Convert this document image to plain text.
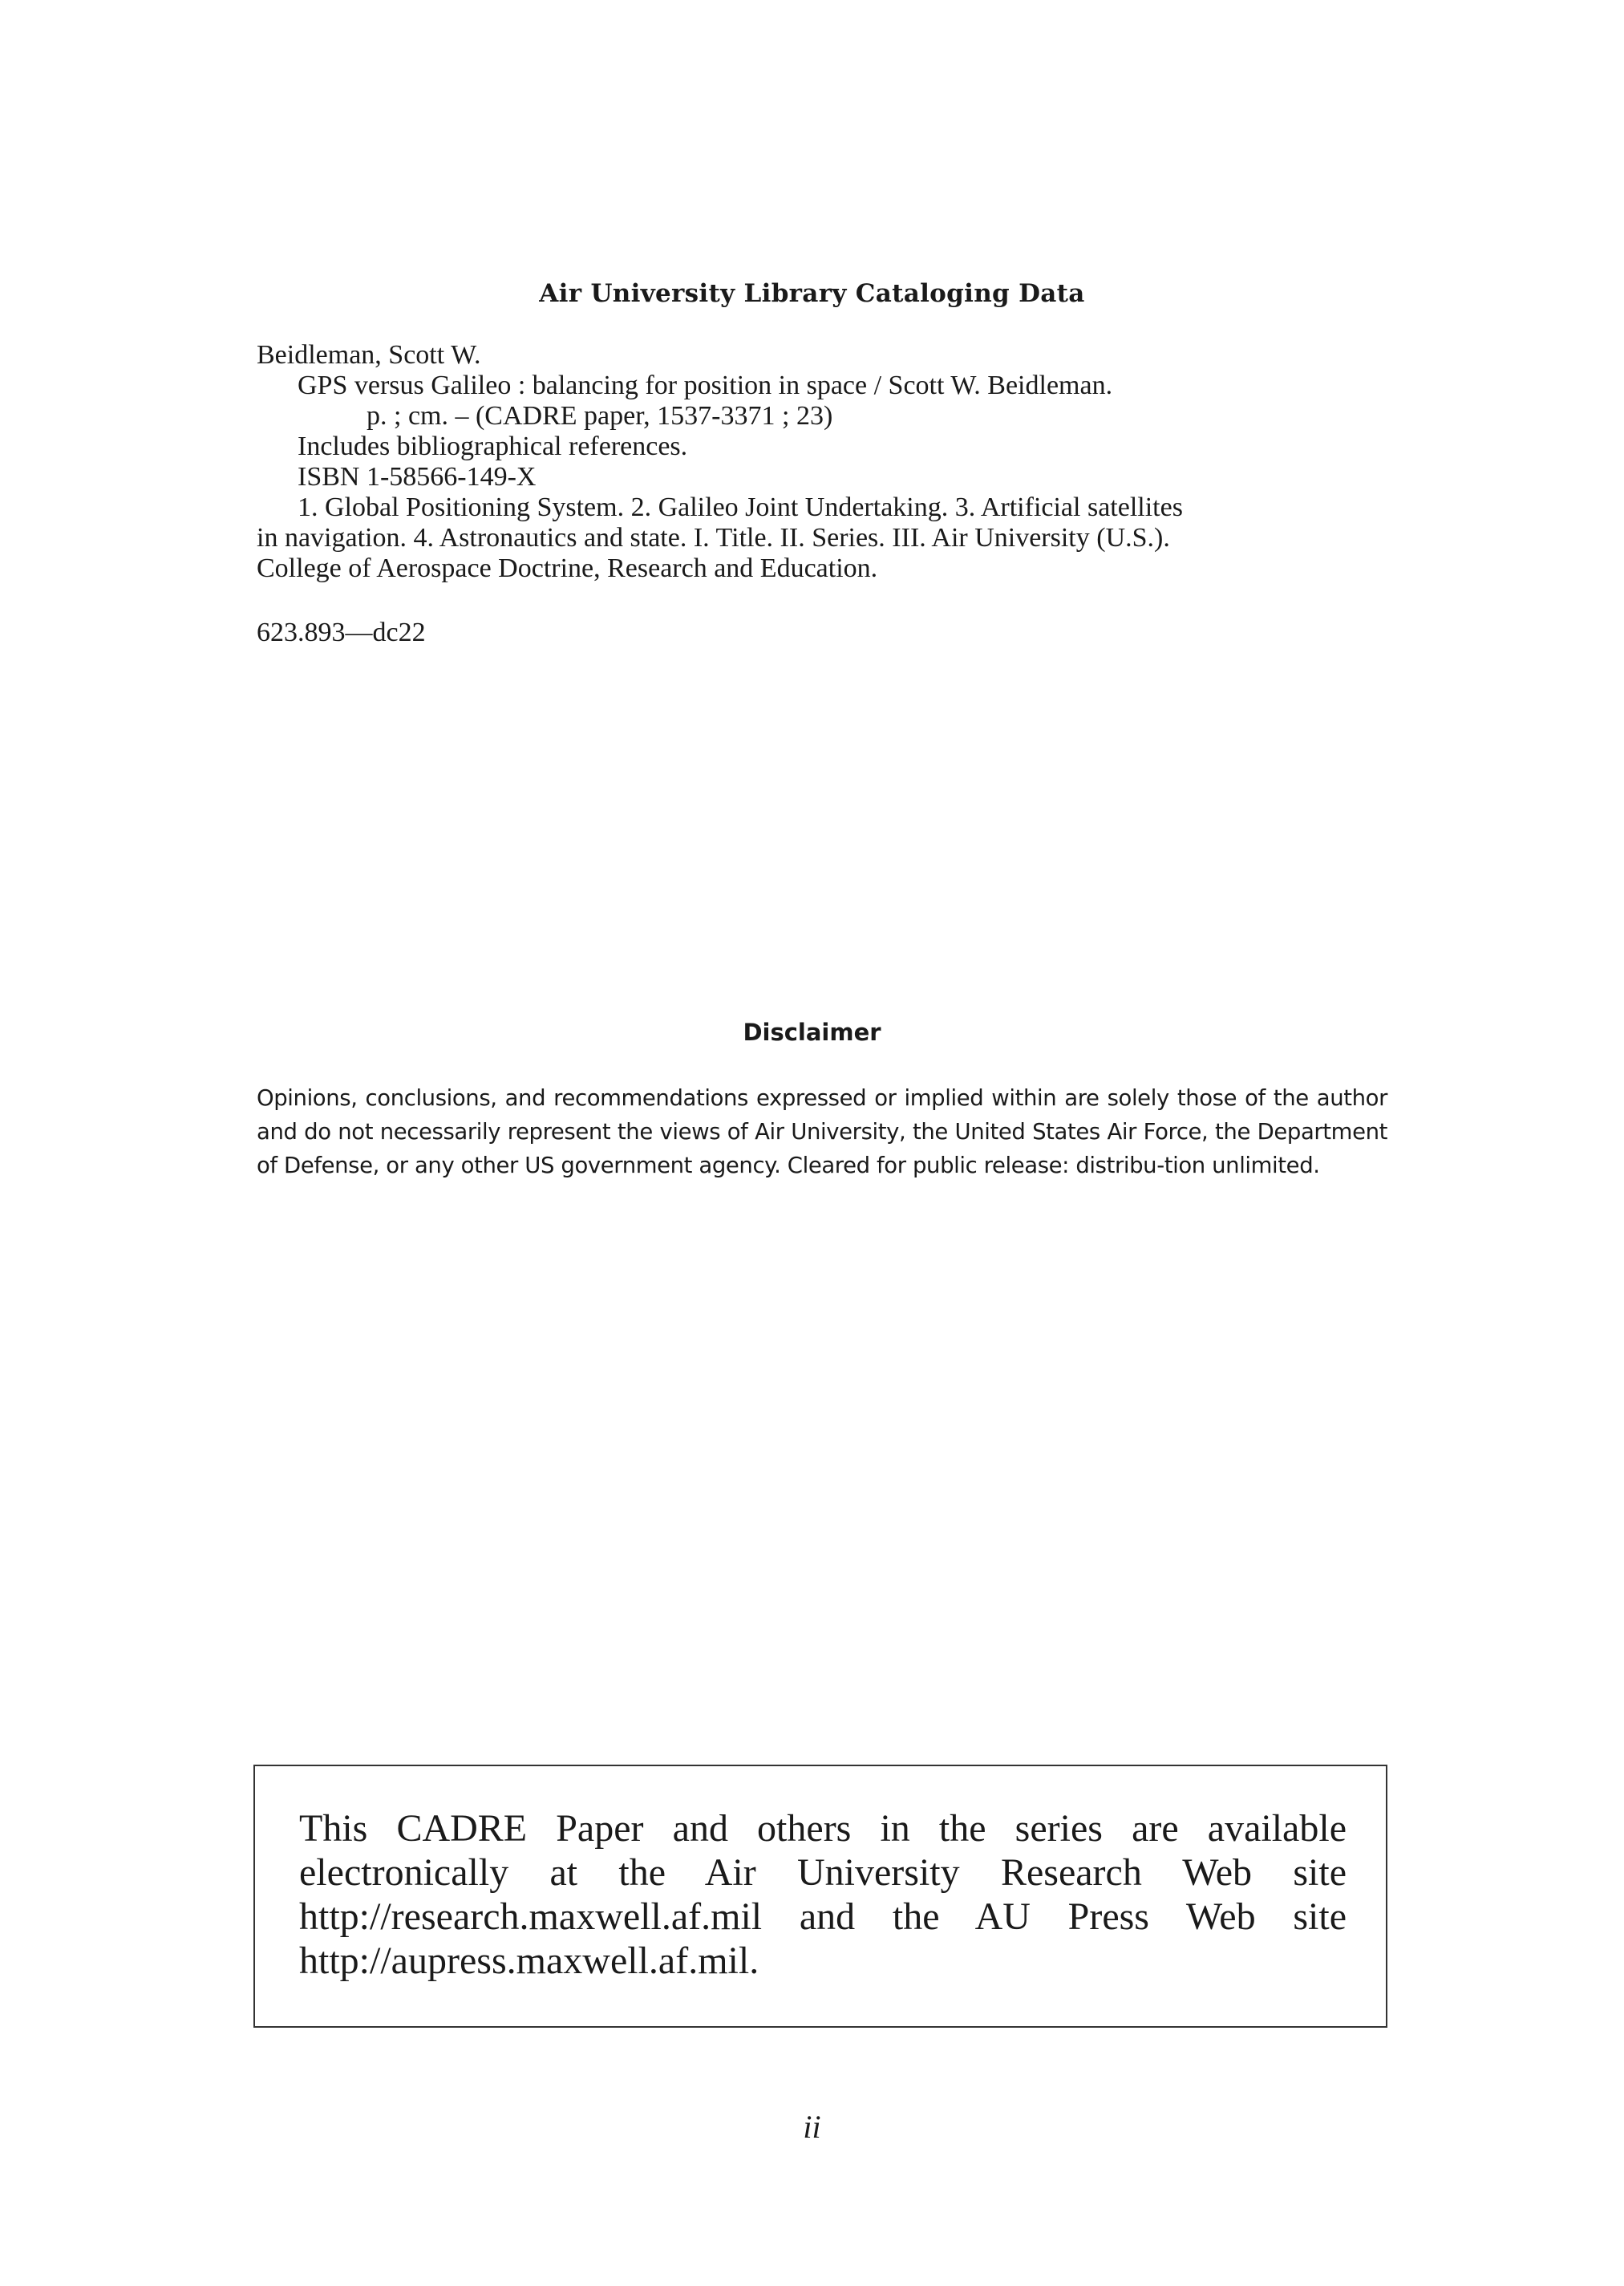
Air University Library Cataloging Data
Beidleman, Scott W.
GPS versus Galileo : balancing for position in space / Scott W. Beidleman.
p. ; cm. – (CADRE paper, 1537-3371 ; 23)
Includes bibliographical references.
ISBN 1-58566-149-X
1. Global Positioning System. 2. Galileo Joint Undertaking. 3. Artificial satellites
in navigation. 4. Astronautics and state. I. Title. II. Series. III. Air University (U.S.).
College of Aerospace Doctrine, Research and Education.
623.893—dc22
Disclaimer
Opinions, conclusions, and recommendations expressed or implied within are solely those of the author and do not necessarily represent the views of Air University, the United States Air Force, the Department of Defense, or any other US government agency. Cleared for public release: distribu-tion unlimited.
This CADRE Paper and others in the series are available electronically at the Air University Research Web site http://research.maxwell.af.mil and the AU Press Web site http://aupress.maxwell.af.mil.
ii
